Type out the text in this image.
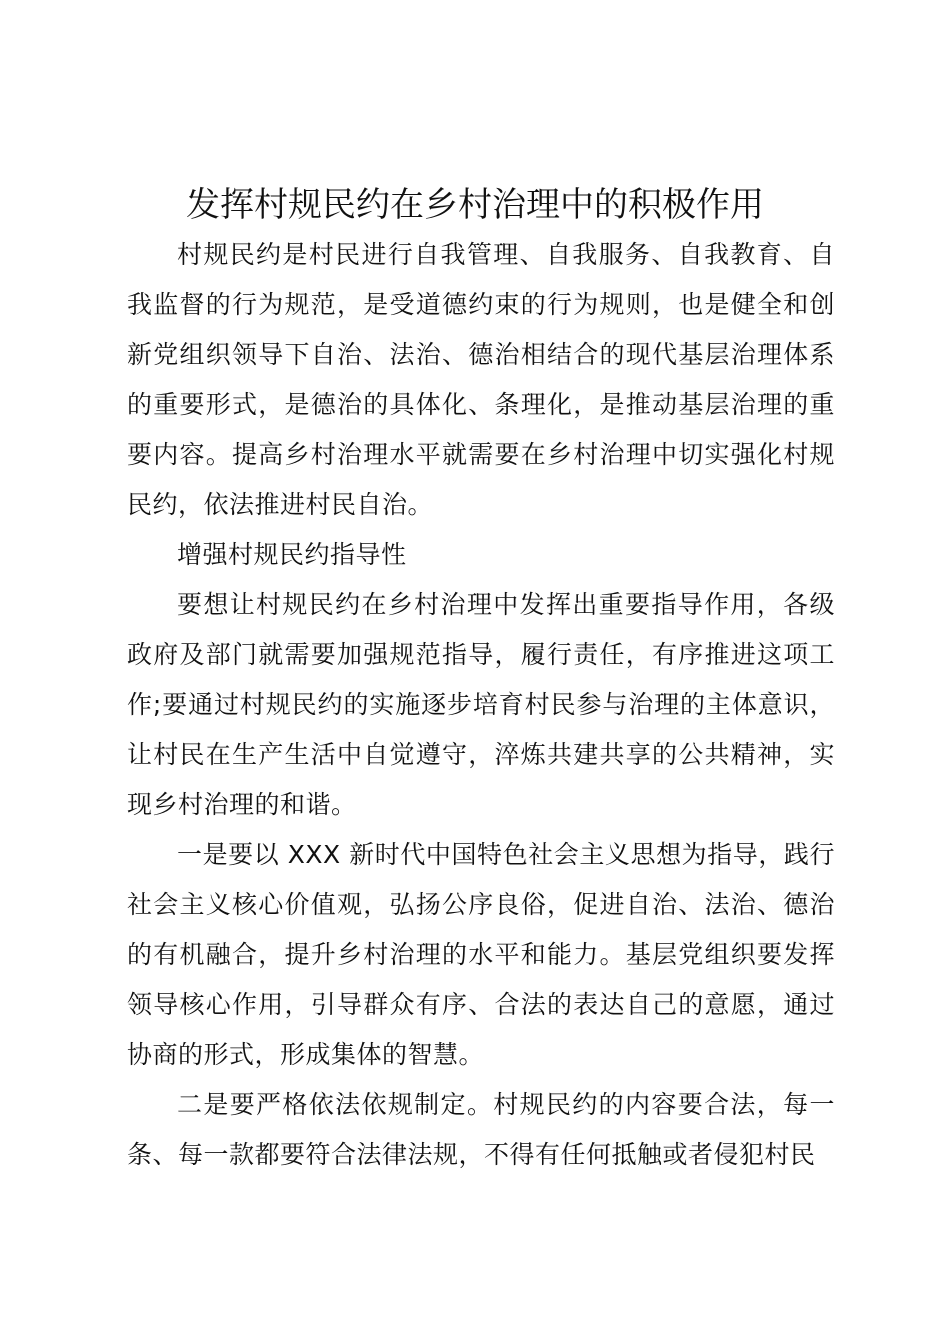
发挥村规民约在乡村治理中的积极作用

村规民约是村民进行自我管理、自我服务、自我教育、自我监督的行为规范，是受道德约束的行为规则，也是健全和创新党组织领导下自治、法治、德治相结合的现代基层治理体系的重要形式，是德治的具体化、条理化，是推动基层治理的重要内容。提高乡村治理水平就需要在乡村治理中切实强化村规民约，依法推进村民自治。

增强村规民约指导性

要想让村规民约在乡村治理中发挥出重要指导作用，各级政府及部门就需要加强规范指导，履行责任，有序推进这项工作;要通过村规民约的实施逐步培育村民参与治理的主体意识，让村民在生产生活中自觉遵守，淬炼共建共享的公共精神，实现乡村治理的和谐。

一是要以 XXX 新时代中国特色社会主义思想为指导，践行社会主义核心价值观，弘扬公序良俗，促进自治、法治、德治的有机融合，提升乡村治理的水平和能力。基层党组织要发挥领导核心作用，引导群众有序、合法的表达自己的意愿，通过协商的形式，形成集体的智慧。

二是要严格依法依规制定。村规民约的内容要合法，每一条、每一款都要符合法律法规，不得有任何抵触或者侵犯村民
